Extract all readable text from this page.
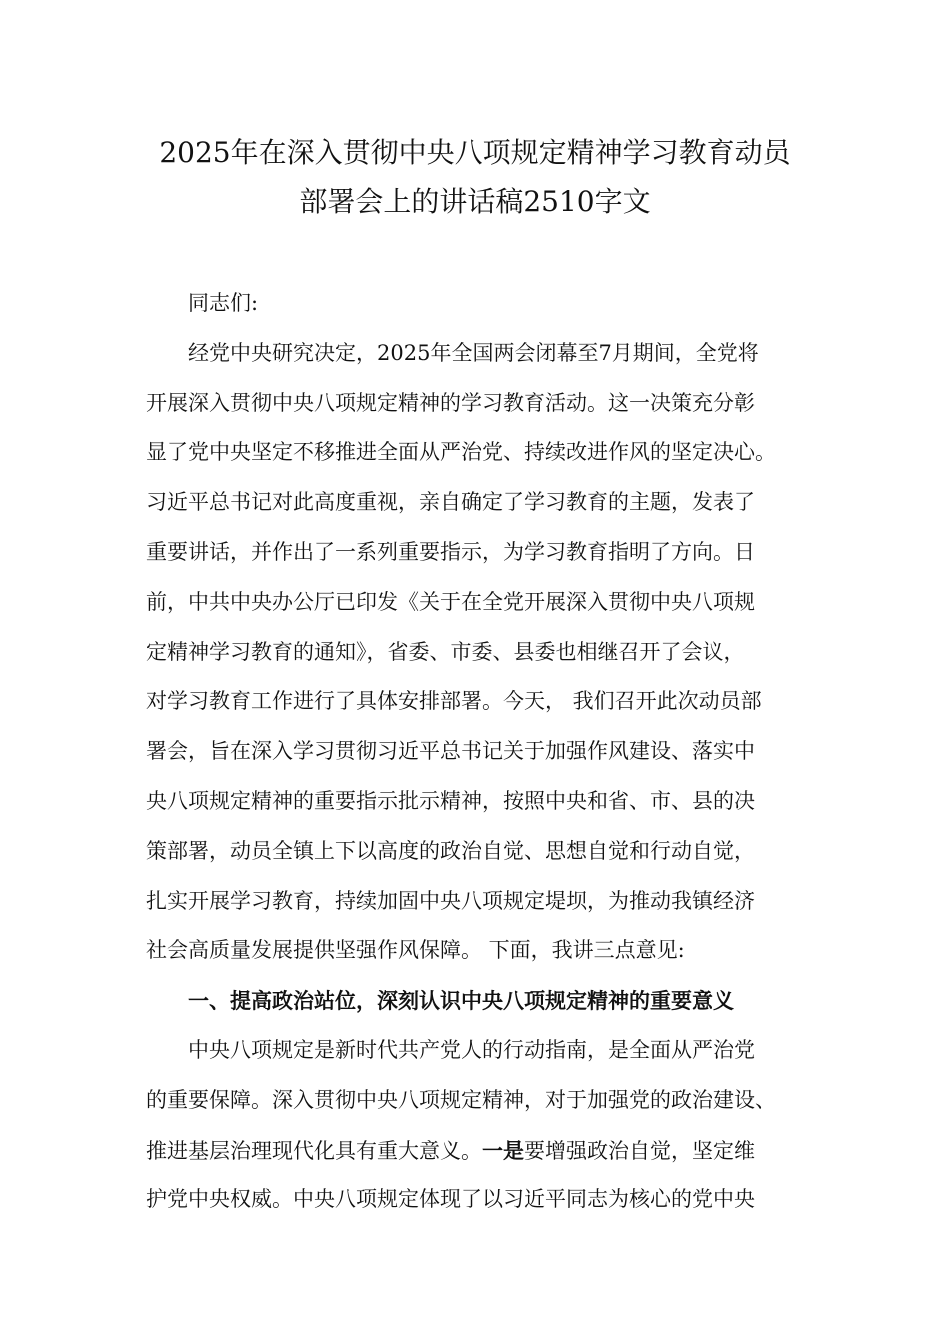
2025年在深入贯彻中央八项规定精神学习教育动员
部署会上的讲话稿2510字文
同志们:
经党中央研究决定，2025年全国两会闭幕至7月期间，全党将
开展深入贯彻中央八项规定精神的学习教育活动。这一决策充分彰
显了党中央坚定不移推进全面从严治党、持续改进作风的坚定决心。
习近平总书记对此高度重视，亲自确定了学习教育的主题，发表了
重要讲话，并作出了一系列重要指示，为学习教育指明了方向。日
前，中共中央办公厅已印发《关于在全党开展深入贯彻中央八项规
定精神学习教育的通知》，省委、市委、县委也相继召开了会议，
对学习教育工作进行了具体安排部署。今天， 我们召开此次动员部
署会，旨在深入学习贯彻习近平总书记关于加强作风建设、落实中
央八项规定精神的重要指示批示精神，按照中央和省、市、县的决
策部署，动员全镇上下以高度的政治自觉、思想自觉和行动自觉，
扎实开展学习教育，持续加固中央八项规定堤坝，为推动我镇经济
社会高质量发展提供坚强作风保障。 下面，我讲三点意见:
一、提高政治站位，深刻认识中央八项规定精神的重要意义
中央八项规定是新时代共产党人的行动指南，是全面从严治党
的重要保障。深入贯彻中央八项规定精神，对于加强党的政治建设、
推进基层治理现代化具有重大意义。一是要增强政治自觉，坚定维
护党中央权威。中央八项规定体现了以习近平同志为核心的党中央
